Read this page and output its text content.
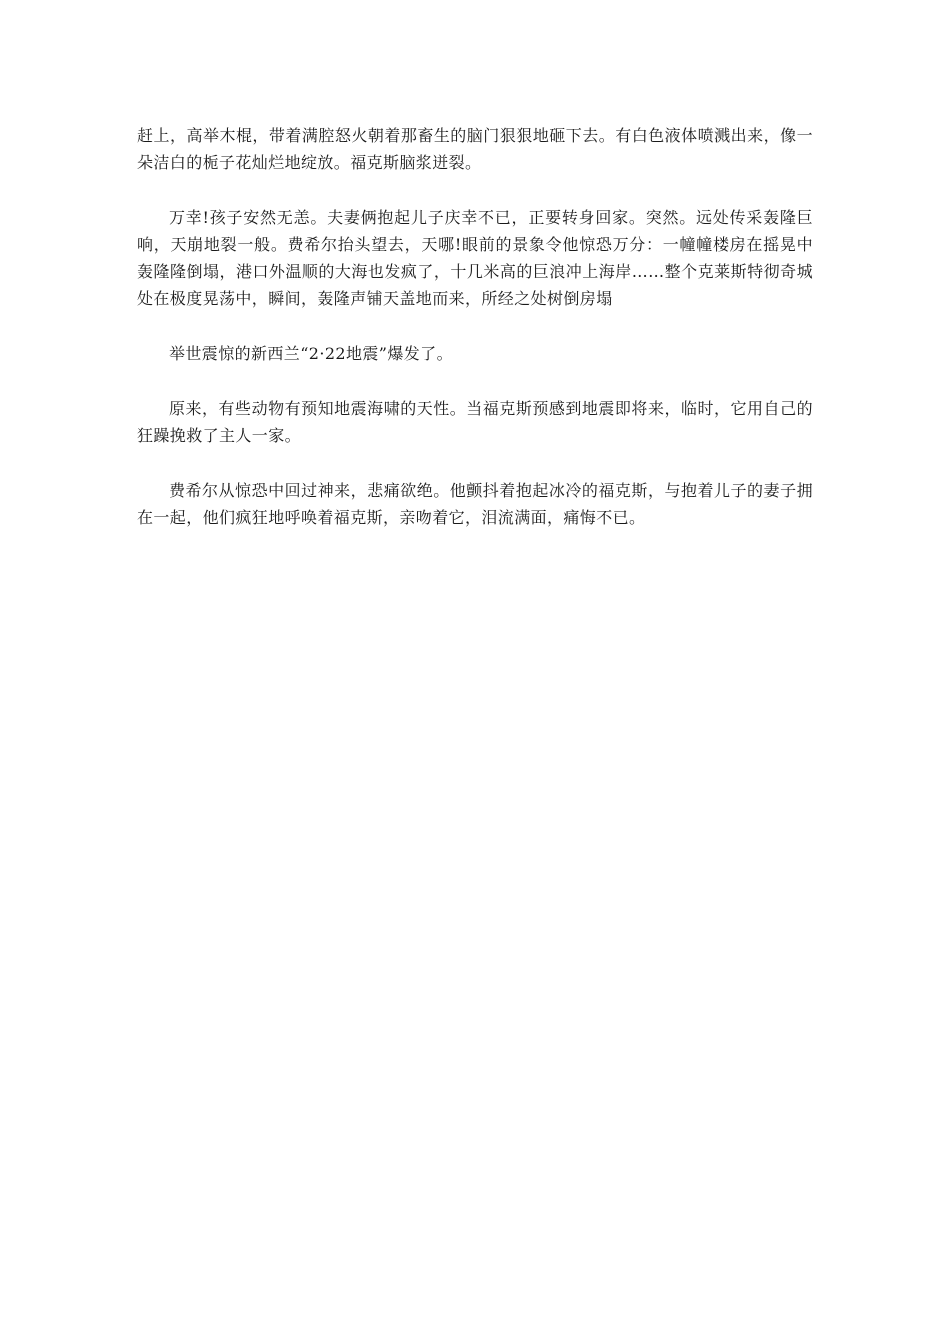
赶上，高举木棍，带着满腔怒火朝着那畜生的脑门狠狠地砸下去。有白色液体喷溅出来，像一朵洁白的栀子花灿烂地绽放。福克斯脑浆迸裂。

万幸!孩子安然无恙。夫妻俩抱起儿子庆幸不已，正要转身回家。突然。远处传采轰隆巨响，天崩地裂一般。费希尔抬头望去，天哪!眼前的景象令他惊恐万分：一幢幢楼房在摇晃中轰隆隆倒塌，港口外温顺的大海也发疯了，十几米高的巨浪冲上海岸……整个克莱斯特彻奇城处在极度晃荡中，瞬间，轰隆声铺天盖地而来，所经之处树倒房塌

举世震惊的新西兰“2·22地震”爆发了。

原来，有些动物有预知地震海啸的天性。当福克斯预感到地震即将来，临时，它用自己的狂躁挽救了主人一家。

费希尔从惊恐中回过神来，悲痛欲绝。他颤抖着抱起冰冷的福克斯，与抱着儿子的妻子拥在一起，他们疯狂地呼唤着福克斯，亲吻着它，泪流满面，痛悔不已。
